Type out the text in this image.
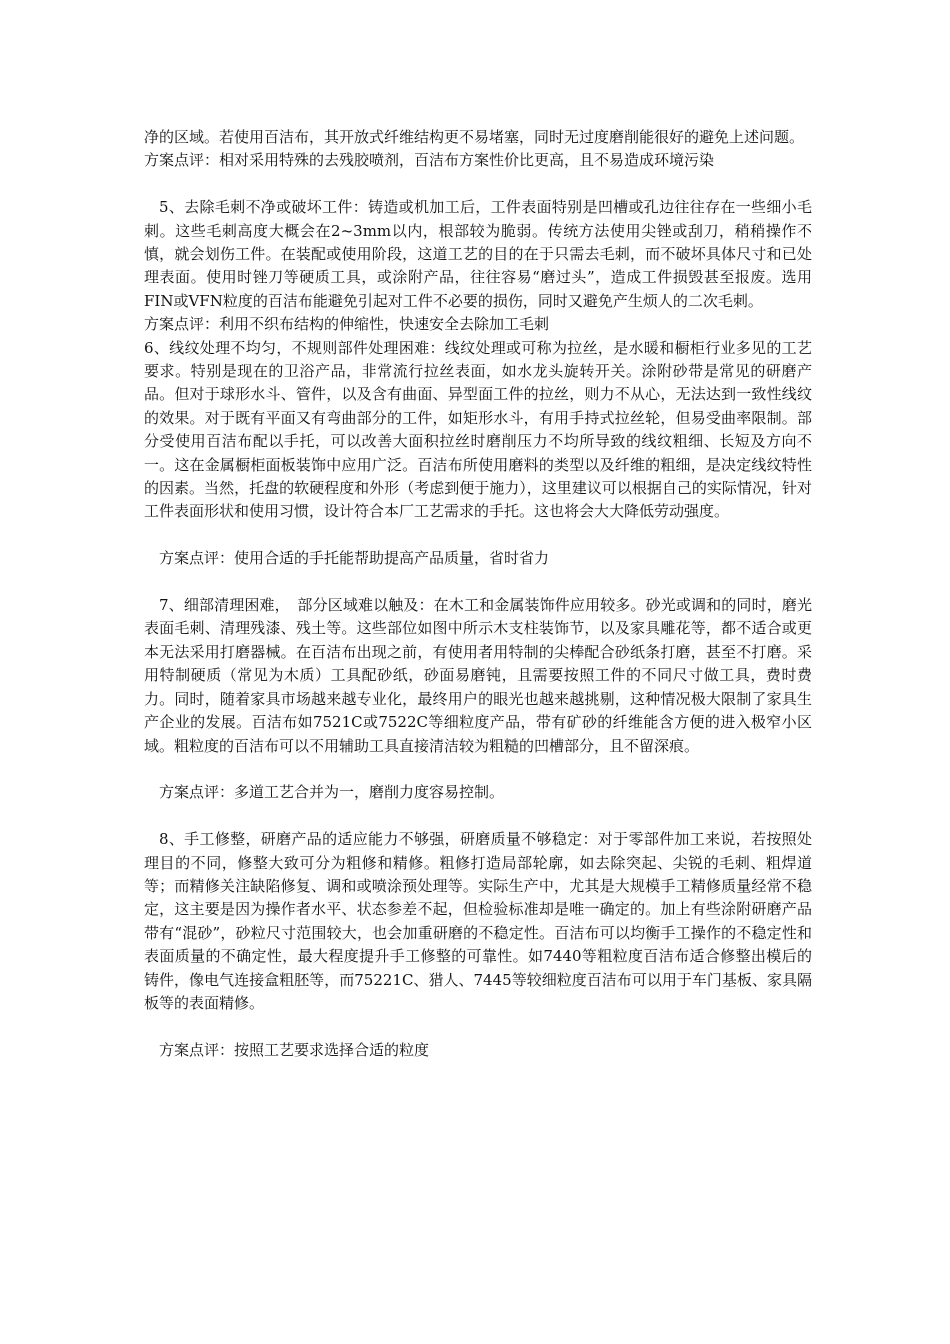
净的区域。若使用百洁布，其开放式纤维结构更不易堵塞，同时无过度磨削能很好的避免上述问题。

方案点评：相对采用特殊的去残胶喷剂，百洁布方案性价比更高，且不易造成环境污染

5、去除毛刺不净或破坏工件：铸造或机加工后，工件表面特别是凹槽或孔边往往存在一些细小毛刺。这些毛刺高度大概会在2~3mm以内，根部较为脆弱。传统方法使用尖锉或刮刀，稍稍操作不慎，就会划伤工件。在装配或使用阶段，这道工艺的目的在于只需去毛刺，而不破坏具体尺寸和已处理表面。使用时锉刀等硬质工具，或涂附产品，往往容易“磨过头”，造成工件损毁甚至报废。选用FIN或VFN粒度的百洁布能避免引起对工件不必要的损伤，同时又避免产生烦人的二次毛刺。

方案点评：利用不织布结构的伸缩性，快速安全去除加工毛刺

6、线纹处理不均匀，不规则部件处理困难：线纹处理或可称为拉丝，是水暖和橱柜行业多见的工艺要求。特别是现在的卫浴产品，非常流行拉丝表面，如水龙头旋转开关。涂附砂带是常见的研磨产品。但对于球形水斗、管件，以及含有曲面、异型面工件的拉丝，则力不从心，无法达到一致性线纹的效果。对于既有平面又有弯曲部分的工件，如矩形水斗，有用手持式拉丝轮，但易受曲率限制。部分受使用百洁布配以手托，可以改善大面积拉丝时磨削压力不均所导致的线纹粗细、长短及方向不一。这在金属橱柜面板装饰中应用广泛。百洁布所使用磨料的类型以及纤维的粗细，是决定线纹特性的因素。当然，托盘的软硬程度和外形（考虑到便于施力），这里建议可以根据自己的实际情况，针对工件表面形状和使用习惯，设计符合本厂工艺需求的手托。这也将会大大降低劳动强度。

方案点评：使用合适的手托能帮助提高产品质量，省时省力

7、细部清理困难，　部分区域难以触及：在木工和金属装饰件应用较多。砂光或调和的同时，磨光表面毛刺、清理残漆、残土等。这些部位如图中所示木支柱装饰节，以及家具雕花等，都不适合或更本无法采用打磨器械。在百洁布出现之前，有使用者用特制的尖棒配合砂纸条打磨，甚至不打磨。采用特制硬质（常见为木质）工具配砂纸，砂面易磨钝，且需要按照工件的不同尺寸做工具，费时费力。同时，随着家具市场越来越专业化，最终用户的眼光也越来越挑剔，这种情况极大限制了家具生产企业的发展。百洁布如7521C或7522C等细粒度产品，带有矿砂的纤维能含方便的进入极窄小区域。粗粒度的百洁布可以不用辅助工具直接清洁较为粗糙的凹槽部分，且不留深痕。

方案点评：多道工艺合并为一，磨削力度容易控制。

8、手工修整，研磨产品的适应能力不够强，研磨质量不够稳定：对于零部件加工来说，若按照处理目的不同，修整大致可分为粗修和精修。粗修打造局部轮廓，如去除突起、尖锐的毛刺、粗焊道等；而精修关注缺陷修复、调和或喷涂预处理等。实际生产中，尤其是大规模手工精修质量经常不稳定，这主要是因为操作者水平、状态参差不起，但检验标准却是唯一确定的。加上有些涂附研磨产品带有“混砂”，砂粒尺寸范围较大，也会加重研磨的不稳定性。百洁布可以均衡手工操作的不稳定性和表面质量的不确定性，最大程度提升手工修整的可靠性。如7440等粗粒度百洁布适合修整出模后的铸件，像电气连接盒粗胚等，而75221C、猎人、7445等较细粒度百洁布可以用于车门基板、家具隔板等的表面精修。

方案点评：按照工艺要求选择合适的粒度
